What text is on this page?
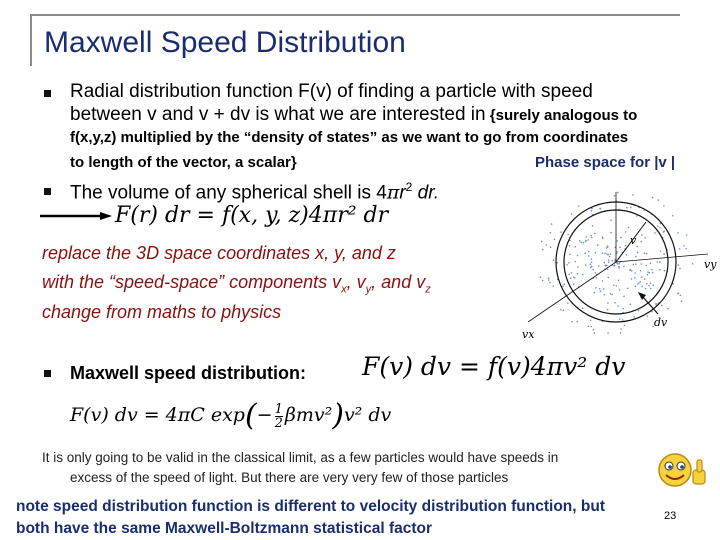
Maxwell Speed Distribution
Radial distribution function F(v) of finding a particle with speed
between v and v + dv is what we are interested in {surely analogous to
f(x,y,z) multiplied by the “density of states” as we want to go from coordinates
to length of the vector, a scalar}	Phase space for |v |
The volume of any spherical shell is $4\pi r^2$ dr.
F(r) dr = f(x, y, z)4πr² dr
replace the 3D space coordinates x, y, and z
with the “speed-space” components $v_x$, $v_y$, and $v_z$
change from maths to physics
v
vy
vx
dv
Maxwell speed distribution: F(v) dv = f(v)4πv² dv
F(v) dv = 4πC $\exp(- \frac{1}{2} \beta mv^2)v^2$ dv
It is only going to be valid in the classical limit, as a few particles would have speeds in
excess of the speed of light. But there are very very few of those particles
note speed distribution function is different to velocity distribution function, but
both have the same Maxwell-Boltzmann statistical factor
23
